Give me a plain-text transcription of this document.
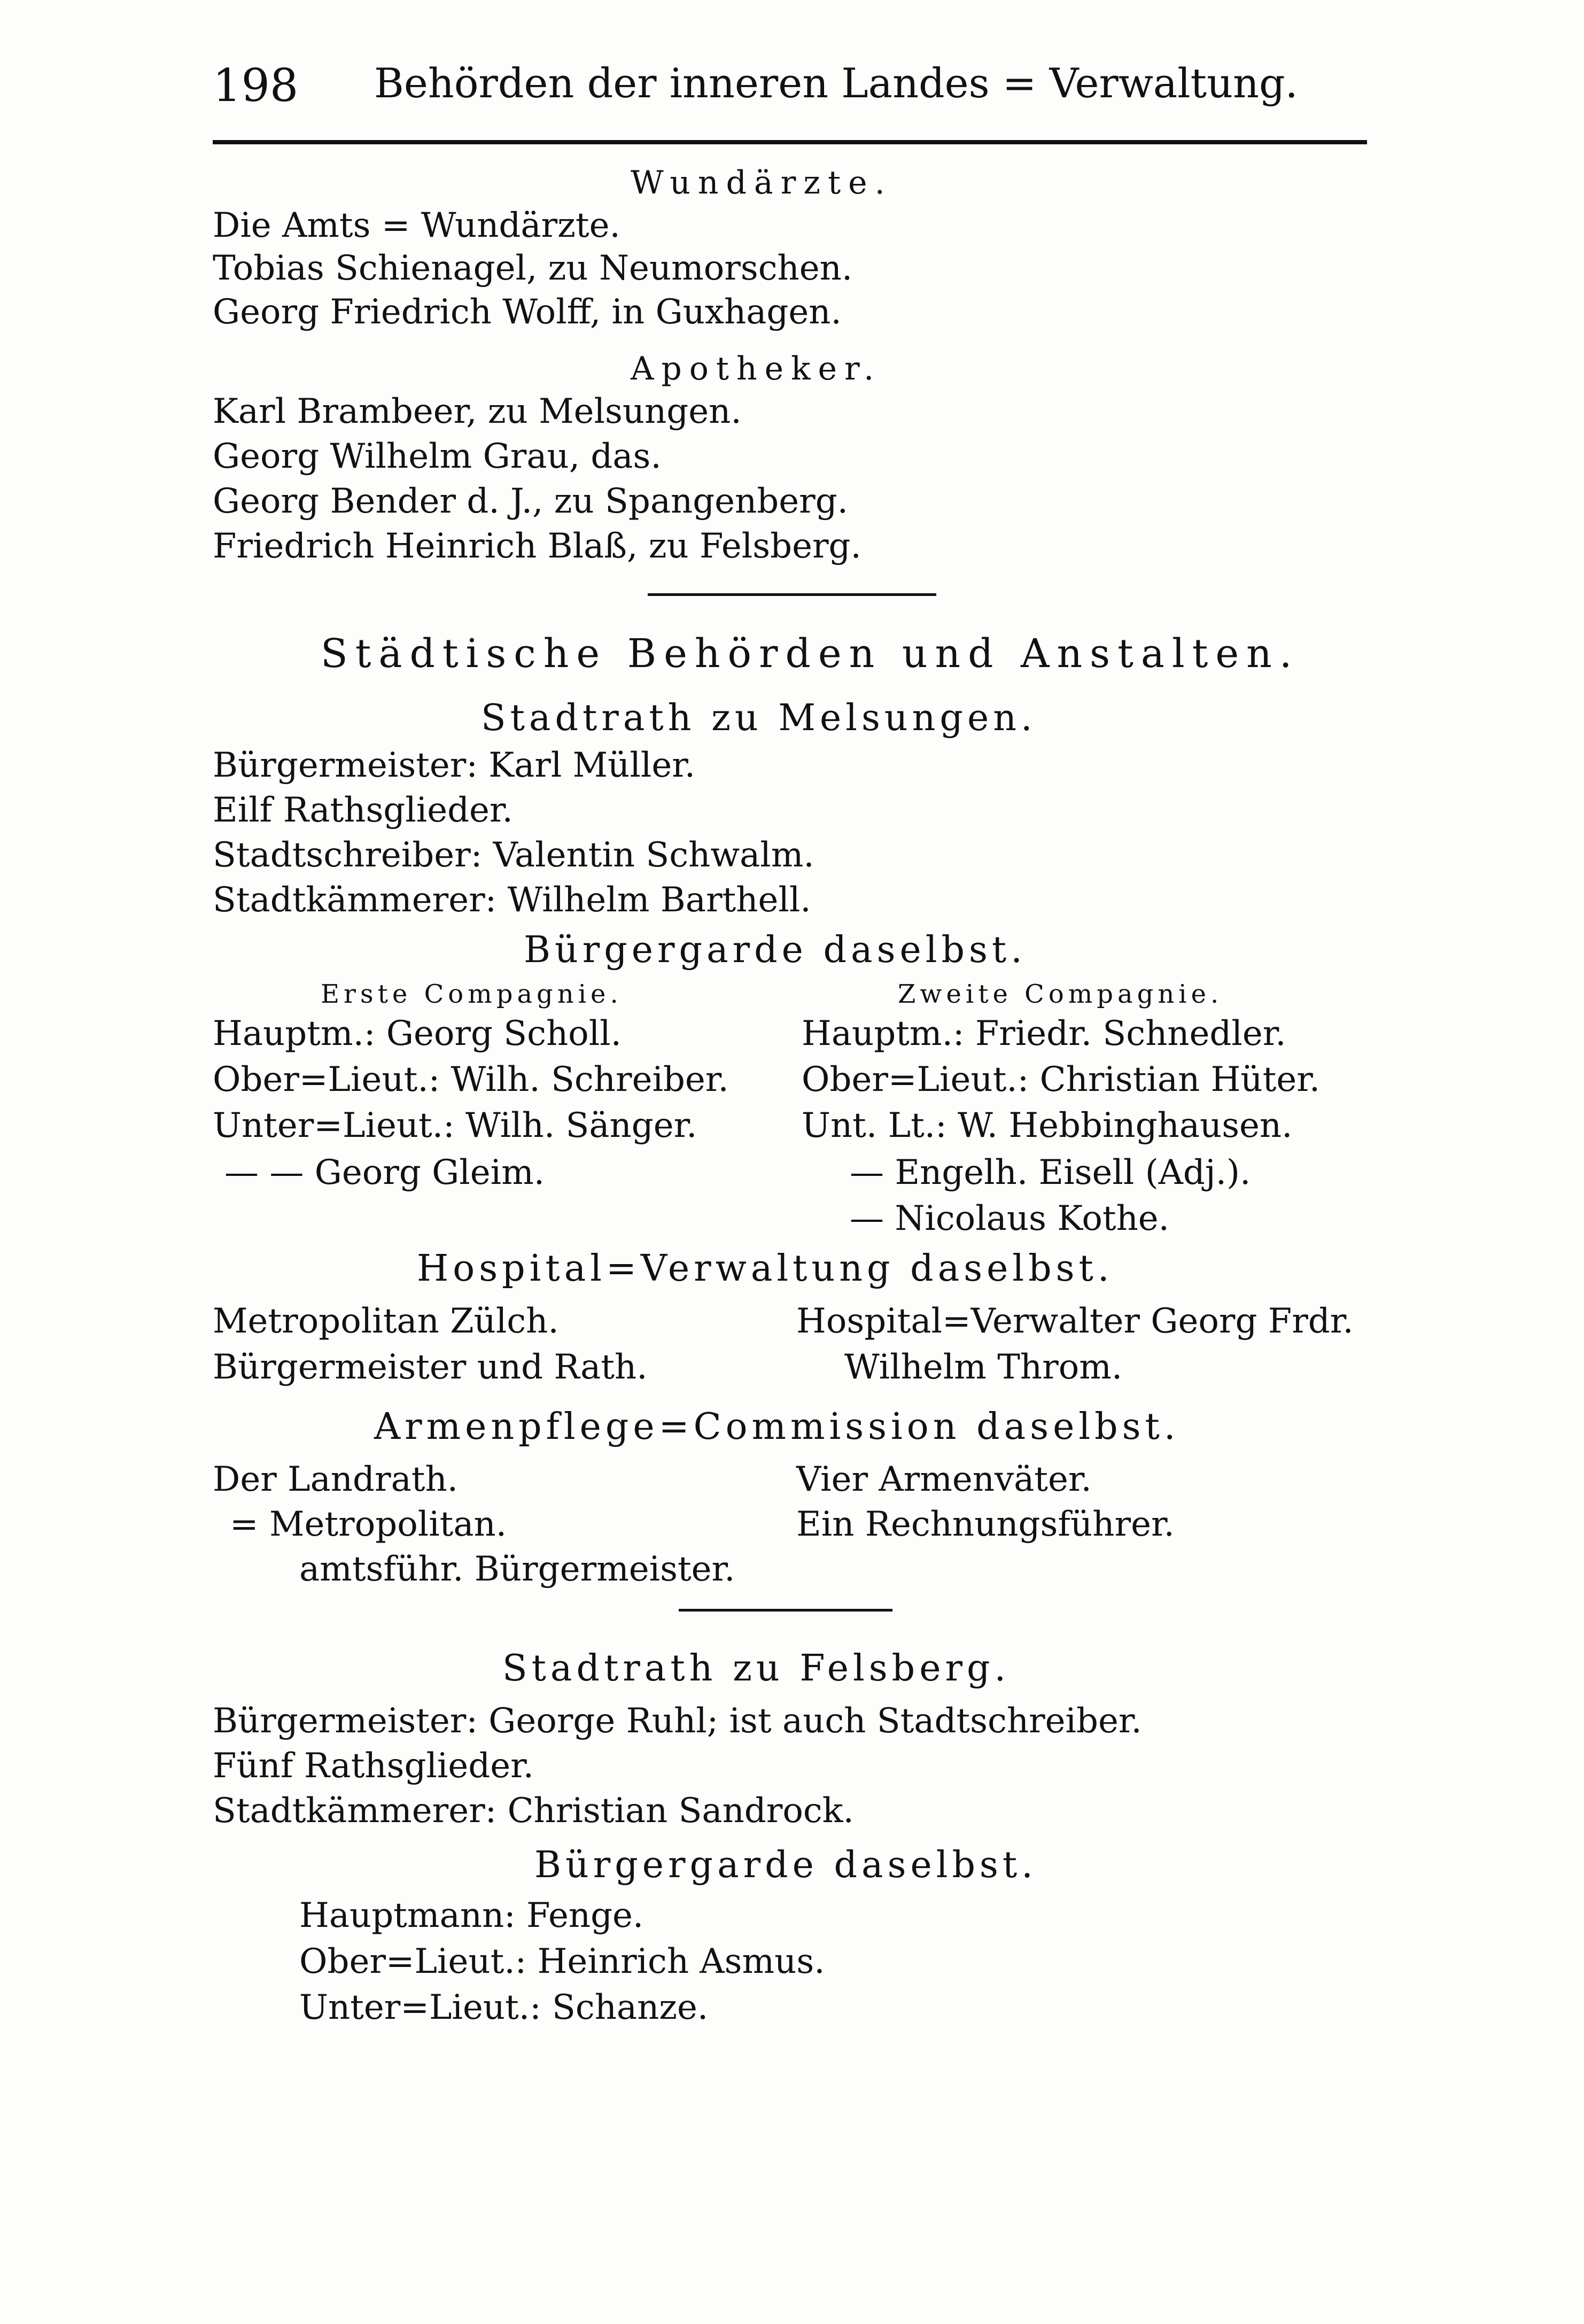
198 Behörden der inneren Landes = Verwaltung.
Wundärzte.
Die Amts = Wundärzte.
Tobias Schienagel, zu Neumorschen.
Georg Friedrich Wolff, in Guxhagen.
Apotheker.
Karl Brambeer, zu Melsungen.
Georg Wilhelm Grau, das.
Georg Bender d. J., zu Spangenberg.
Friedrich Heinrich Blaß, zu Felsberg.
Städtische Behörden und Anstalten.
Stadtrath zu Melsungen.
Bürgermeister: Karl Müller.
Eilf Rathsglieder.
Stadtschreiber: Valentin Schwalm.
Stadtkämmerer: Wilhelm Barthell.
Bürgergarde daselbst.
Erste Compagnie.	Zweite Compagnie.
Hauptm.: Georg Scholl.
Ober=Lieut.: Wilh. Schreiber.
Unter=Lieut.: Wilh. Sänger.
— — Georg Gleim.
Hauptm.: Friedr. Schnedler.
Ober=Lieut.: Christian Hüter.
Unt. Lt.: W. Hebbinghausen.
— Engelh. Eisell (Adj.).
— Nicolaus Kothe.
Hospital=Verwaltung daselbst.
Metropolitan Zülch.
Bürgermeister und Rath.
Hospital=Verwalter Georg Frdr.
Wilhelm Throm.
Armenpflege=Commission daselbst.
Der Landrath.
= Metropolitan.
amtsführ. Bürgermeister.
Vier Armenväter.
Ein Rechnungsführer.
Stadtrath zu Felsberg.
Bürgermeister: George Ruhl; ist auch Stadtschreiber.
Fünf Rathsglieder.
Stadtkämmerer: Christian Sandrock.
Bürgergarde daselbst.
Hauptmann: Fenge.
Ober=Lieut.: Heinrich Asmus.
Unter=Lieut.: Schanze.
